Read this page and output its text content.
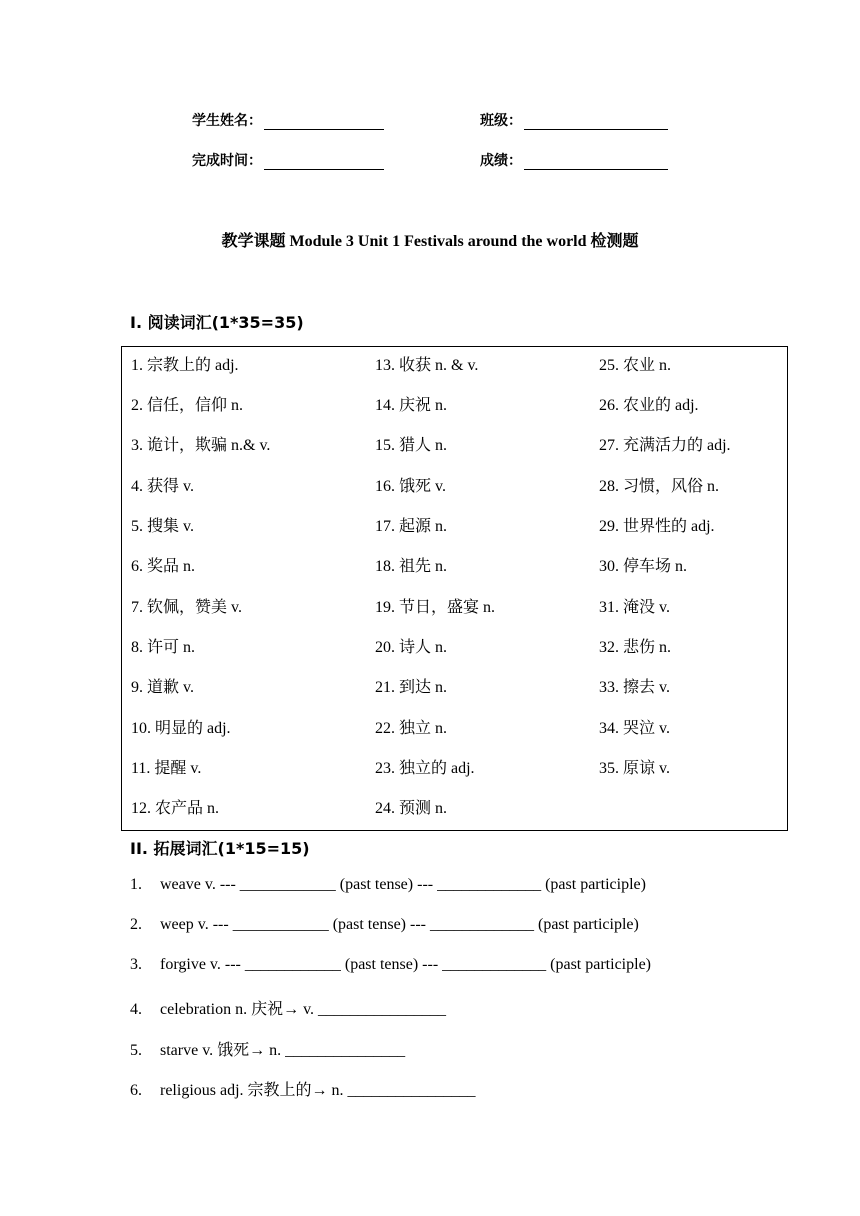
学生姓名：	班级：
完成时间：	成绩：
教学课题 Module 3 Unit 1 Festivals around the world 检测题
I. 阅读词汇(1*35=35)
1. 宗教上的 adj.
2. 信任，信仰 n.
3. 诡计，欺骗 n.& v.
4. 获得 v.
5. 搜集 v.
6. 奖品 n.
7. 钦佩，赞美 v.
8. 许可 n.
9. 道歉 v.
10. 明显的 adj.
11. 提醒 v.
12. 农产品 n.
13. 收获 n. & v.
14. 庆祝 n.
15. 猎人 n.
16. 饿死 v.
17. 起源 n.
18. 祖先 n.
19. 节日，盛宴 n.
20. 诗人 n.
21. 到达 n.
22. 独立 n.
23. 独立的 adj.
24. 预测 n.
25. 农业 n.
26. 农业的 adj.
27. 充满活力的 adj.
28. 习惯，风俗 n.
29. 世界性的 adj.
30. 停车场 n.
31. 淹没 v.
32. 悲伤 n.
33. 擦去 v.
34. 哭泣 v.
35. 原谅 v.
II. 拓展词汇(1*15=15)
1. weave v. --- ____________ (past tense) --- _____________ (past participle)
2. weep v. --- ____________ (past tense) --- _____________ (past participle)
3. forgive v. --- ____________ (past tense) --- _____________ (past participle)
4. celebration n. 庆祝→ v. ________________
5. starve v. 饿死→ n. _______________
6. religious adj. 宗教上的→ n. ________________
